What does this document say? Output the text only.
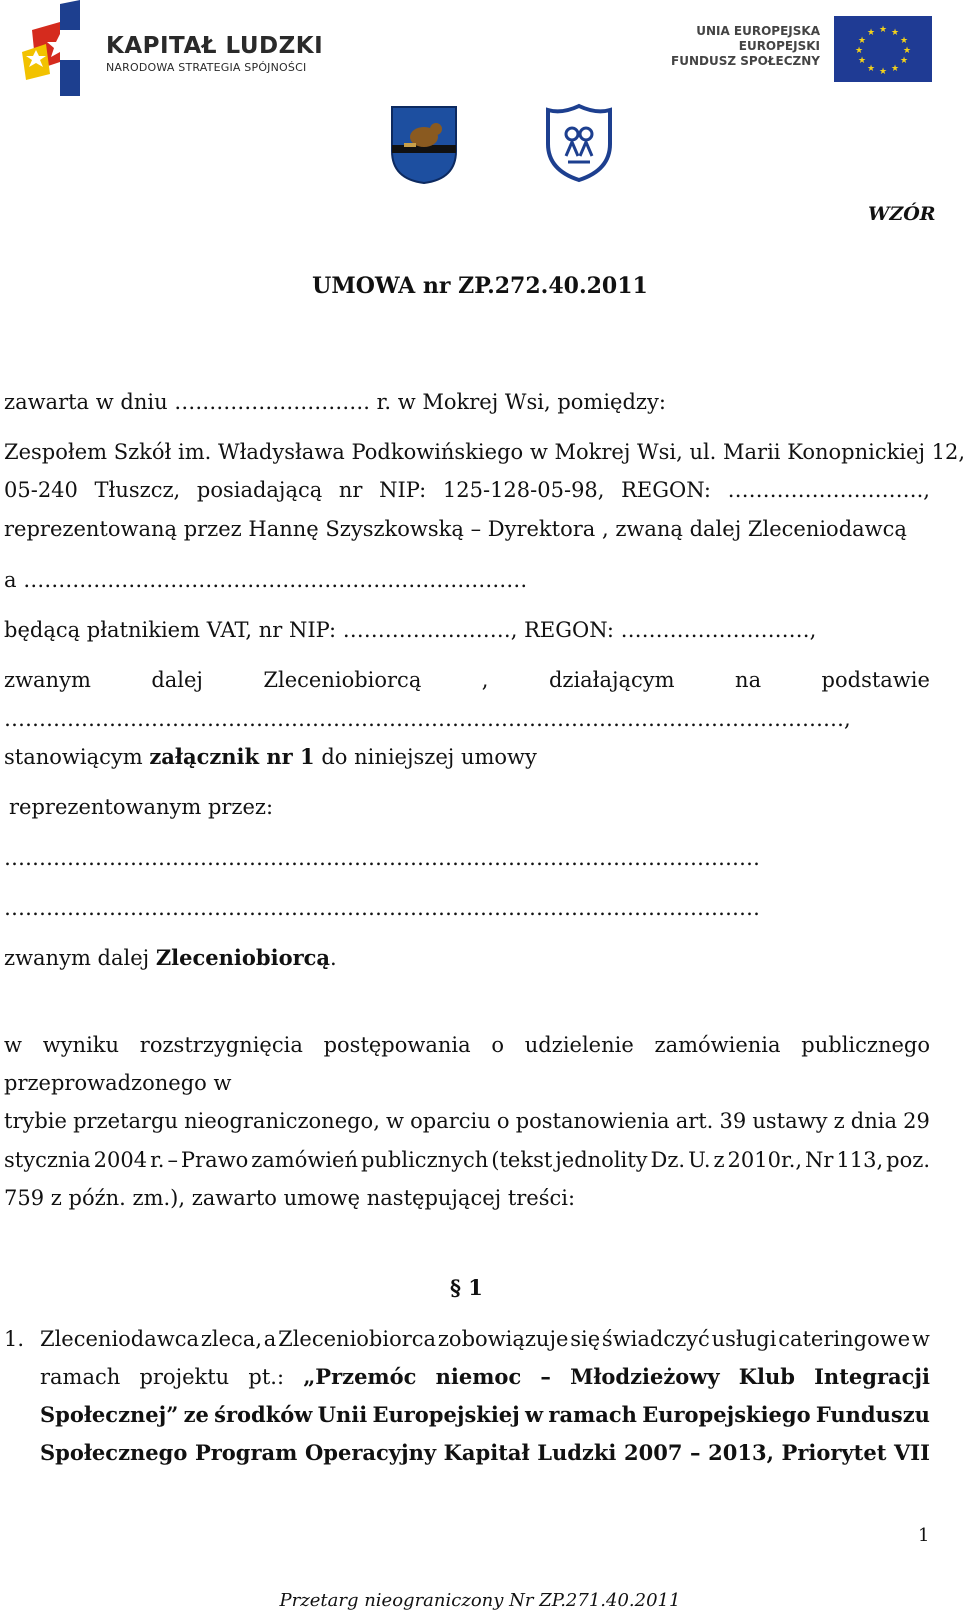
KAPITAŁ LUDZKI
NARODOWA STRATEGIA SPÓJNOŚCI
UNIA EUROPEJSKA
EUROPEJSKI
FUNDUSZ SPOŁECZNY
★ ★
★
★
★
★
★
★
★
★
★
★
WZÓR
UMOWA nr ZP.272.40.2011
zawarta w dniu ………………………. r. w Mokrej Wsi, pomiędzy:
Zespołem Szkół im. Władysława Podkowińskiego w Mokrej Wsi, ul. Marii Konopnickiej 12,
05-240 Tłuszcz, posiadającą nr NIP: 125-128-05-98, REGON: ……………………….,
reprezentowaną przez Hannę Szyszkowską – Dyrektora , zwaną dalej Zleceniodawcą
a ………………………………………………………………
będącą płatnikiem VAT, nr NIP: ……………………, REGON: ………………………,
zwanym	dalej	Zleceniobiorcą	,	działającym	na	podstawie
…………………………………………………………………………………………………………,
stanowiącym załącznik nr 1 do niniejszej umowy
reprezentowanym przez:
………………………………………………………………………………………………
………………………………………………………………………………………………
zwanym dalej Zleceniobiorcą.
w wyniku rozstrzygnięcia postępowania o udzielenie zamówienia publicznego
przeprowadzonego w
trybie przetargu nieograniczonego, w oparciu o postanowienia art. 39 ustawy z dnia 29
stycznia 2004 r. – Prawo zamówień publicznych (tekst jednolity Dz. U. z 2010r., Nr 113, poz.
759 z późn. zm.), zawarto umowę następującej treści:
§ 1
1. Zleceniodawca zleca, a Zleceniobiorca zobowiązuje się świadczyć usługi cateringowe w
ramach projektu pt.: „Przemóc niemoc – Młodzieżowy Klub Integracji
Społecznej” ze środków Unii Europejskiej w ramach Europejskiego Funduszu
Społecznego Program Operacyjny Kapitał Ludzki 2007 – 2013, Priorytet VII
1
Przetarg nieograniczony Nr ZP.271.40.2011
